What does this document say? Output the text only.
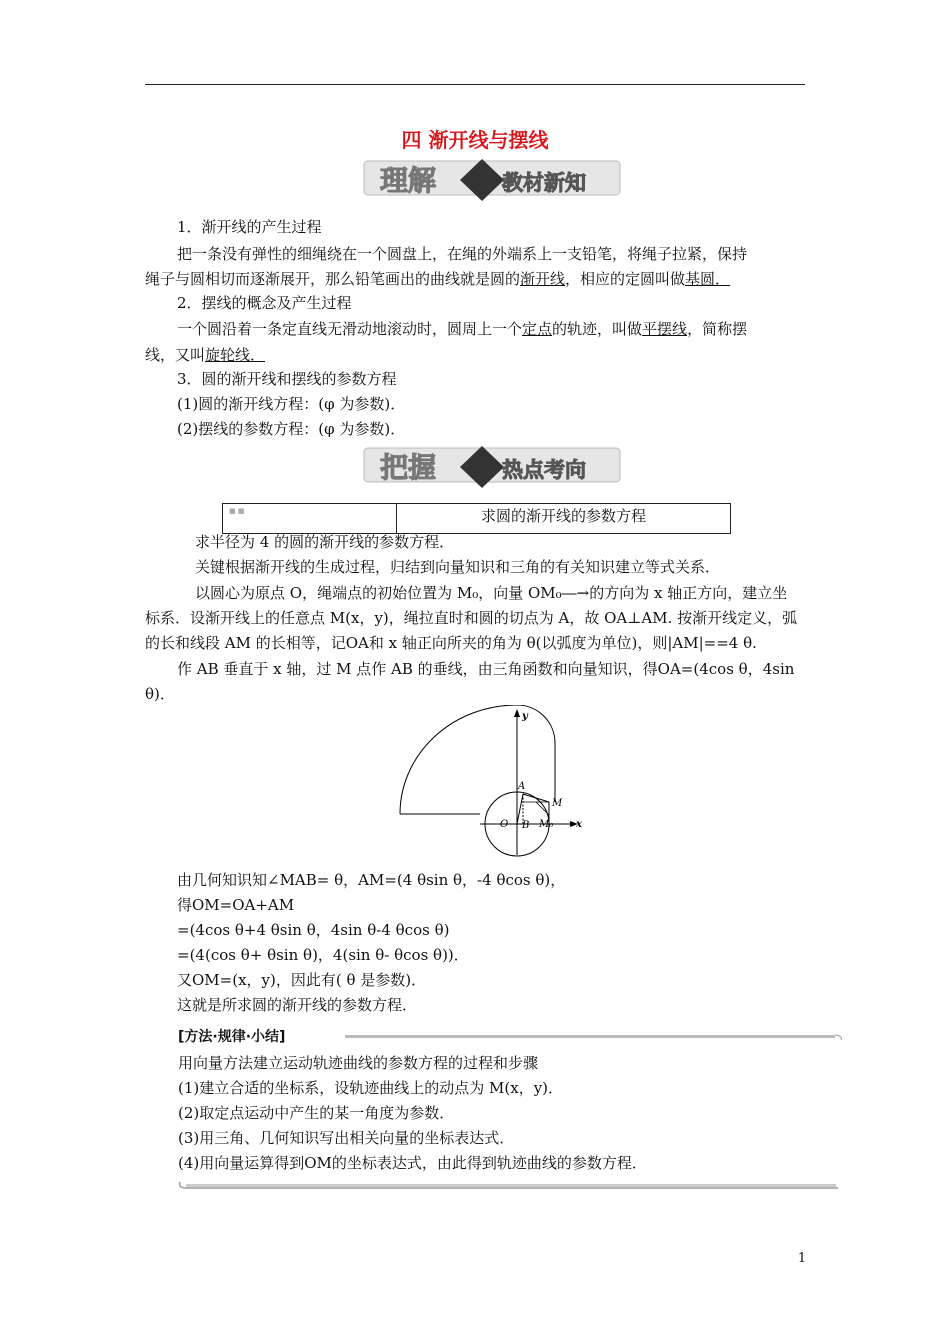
四 渐开线与摆线
理解	教材新知
1．渐开线的产生过程
把一条没有弹性的细绳绕在一个圆盘上，在绳的外端系上一支铅笔，将绳子拉紧，保持
绳子与圆相切而逐渐展开，那么铅笔画出的曲线就是圆的渐开线，相应的定圆叫做基圆．
2．摆线的概念及产生过程
一个圆沿着一条定直线无滑动地滚动时，圆周上一个定点的轨迹，叫做平摆线，简称摆
线，又叫旋轮线．
3．圆的渐开线和摆线的参数方程
(1)圆的渐开线方程：(φ 为参数)．
(2)摆线的参数方程：(φ 为参数)．
把握	热点考向
■ ■	求圆的渐开线的参数方程
求半径为 4 的圆的渐开线的参数方程．
关键根据渐开线的生成过程，归结到向量知识和三角的有关知识建立等式关系．
以圆心为原点 O，绳端点的初始位置为 M₀，向量 OM₀―→的方向为 x 轴正方向，建立坐
标系．设渐开线上的任意点 M(x，y)，绳拉直时和圆的切点为 A，故 OA⊥AM. 按渐开线定义，弧
的长和线段 AM 的长相等，记OA和 x 轴正向所夹的角为 θ(以弧度为单位)，则|AM|==4 θ.
作 AB 垂直于 x 轴，过 M 点作 AB 的垂线，由三角函数和向量知识，得OA=(4cos θ，4sin
θ)．
y
x
O
A
B
M
M₀
由几何知识知∠MAB= θ，AM=(4 θsin θ，-4 θcos θ)，
得OM=OA+AM
=(4cos θ+4 θsin θ，4sin θ-4 θcos θ)
=(4(cos θ+ θsin θ)，4(sin θ- θcos θ))．
又OM=(x，y)，因此有( θ 是参数)．
这就是所求圆的渐开线的参数方程．
[方法·规律·小结]
用向量方法建立运动轨迹曲线的参数方程的过程和步骤
(1)建立合适的坐标系，设轨迹曲线上的动点为 M(x，y)．
(2)取定点运动中产生的某一角度为参数．
(3)用三角、几何知识写出相关向量的坐标表达式．
(4)用向量运算得到OM的坐标表达式，由此得到轨迹曲线的参数方程．
1
